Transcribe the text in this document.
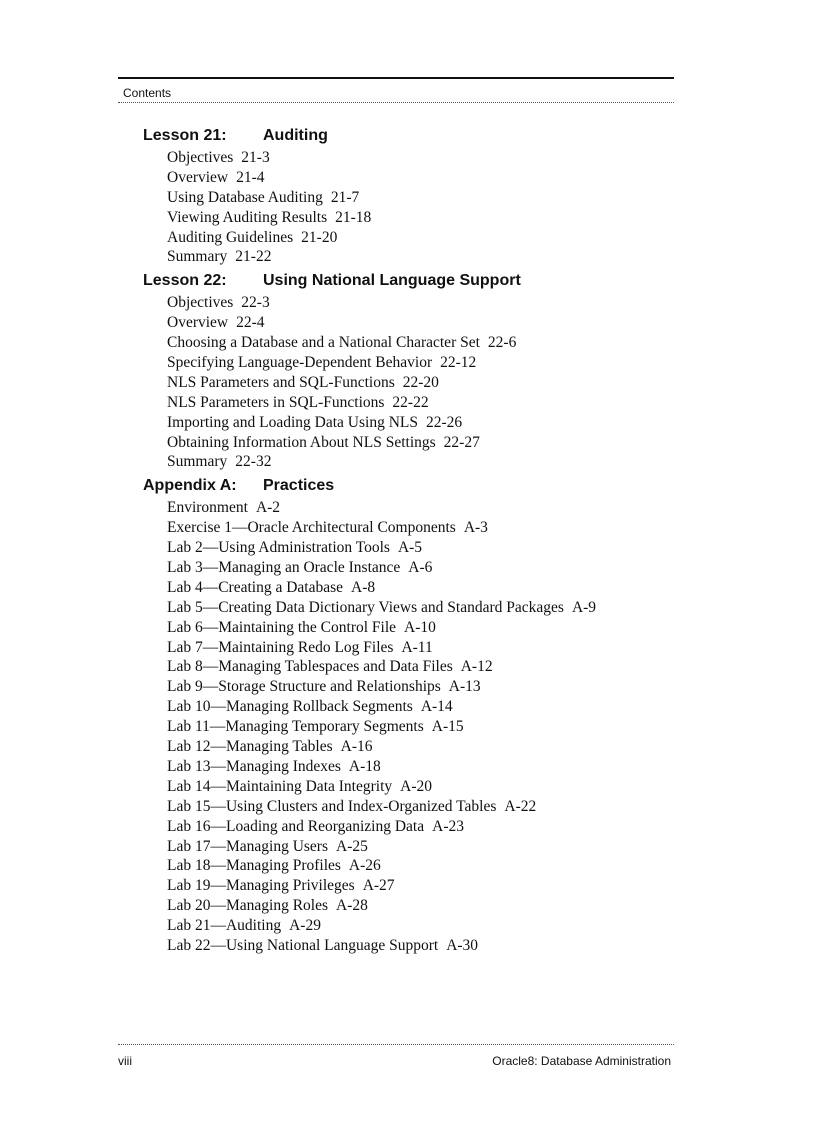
Contents
Lesson 21:	Auditing
Objectives 21-3
Overview 21-4
Using Database Auditing 21-7
Viewing Auditing Results 21-18
Auditing Guidelines 21-20
Summary 21-22
Lesson 22:	Using National Language Support
Objectives 22-3
Overview 22-4
Choosing a Database and a National Character Set 22-6
Specifying Language-Dependent Behavior 22-12
NLS Parameters and SQL-Functions 22-20
NLS Parameters in SQL-Functions 22-22
Importing and Loading Data Using NLS 22-26
Obtaining Information About NLS Settings 22-27
Summary 22-32
Appendix A:	Practices
Environment A-2
Exercise 1—Oracle Architectural Components A-3
Lab 2—Using Administration Tools A-5
Lab 3—Managing an Oracle Instance A-6
Lab 4—Creating a Database A-8
Lab 5—Creating Data Dictionary Views and Standard Packages A-9
Lab 6—Maintaining the Control File A-10
Lab 7—Maintaining Redo Log Files A-11
Lab 8—Managing Tablespaces and Data Files A-12
Lab 9—Storage Structure and Relationships A-13
Lab 10—Managing Rollback Segments A-14
Lab 11—Managing Temporary Segments A-15
Lab 12—Managing Tables A-16
Lab 13—Managing Indexes A-18
Lab 14—Maintaining Data Integrity A-20
Lab 15—Using Clusters and Index-Organized Tables A-22
Lab 16—Loading and Reorganizing Data A-23
Lab 17—Managing Users A-25
Lab 18—Managing Profiles A-26
Lab 19—Managing Privileges A-27
Lab 20—Managing Roles A-28
Lab 21—Auditing A-29
Lab 22—Using National Language Support A-30
viii	Oracle8: Database Administration
